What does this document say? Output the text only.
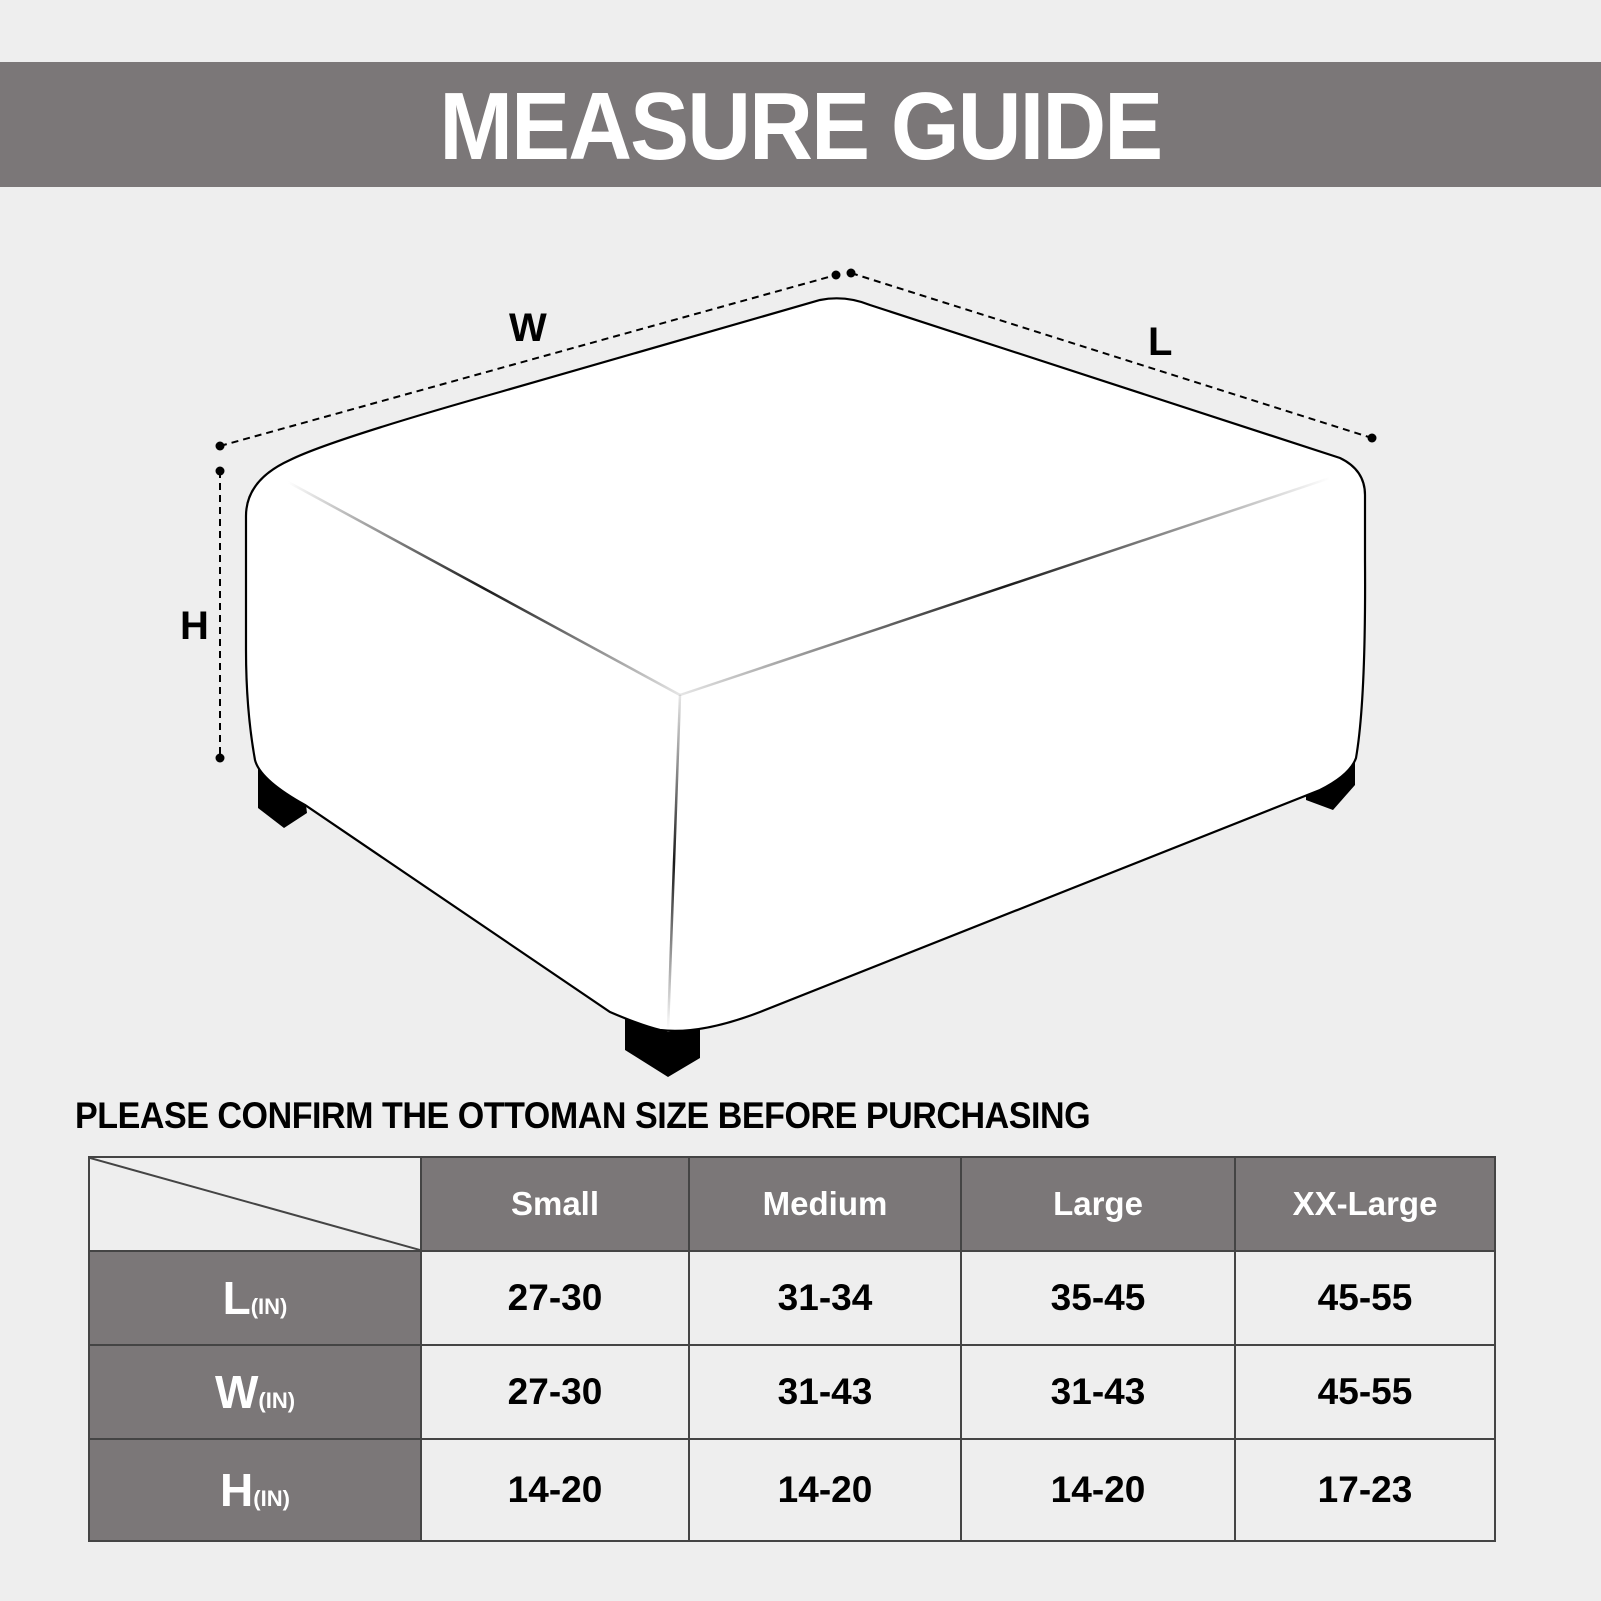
MEASURE GUIDE
W	L
H
PLEASE CONFIRM THE OTTOMAN SIZE BEFORE PURCHASING
	Small	Medium	Large	XX-Large
L(IN)	27-30	31-34	35-45	45-55
W(IN)	27-30	31-43	31-43	45-55
H(IN)	14-20	14-20	14-20	17-23
